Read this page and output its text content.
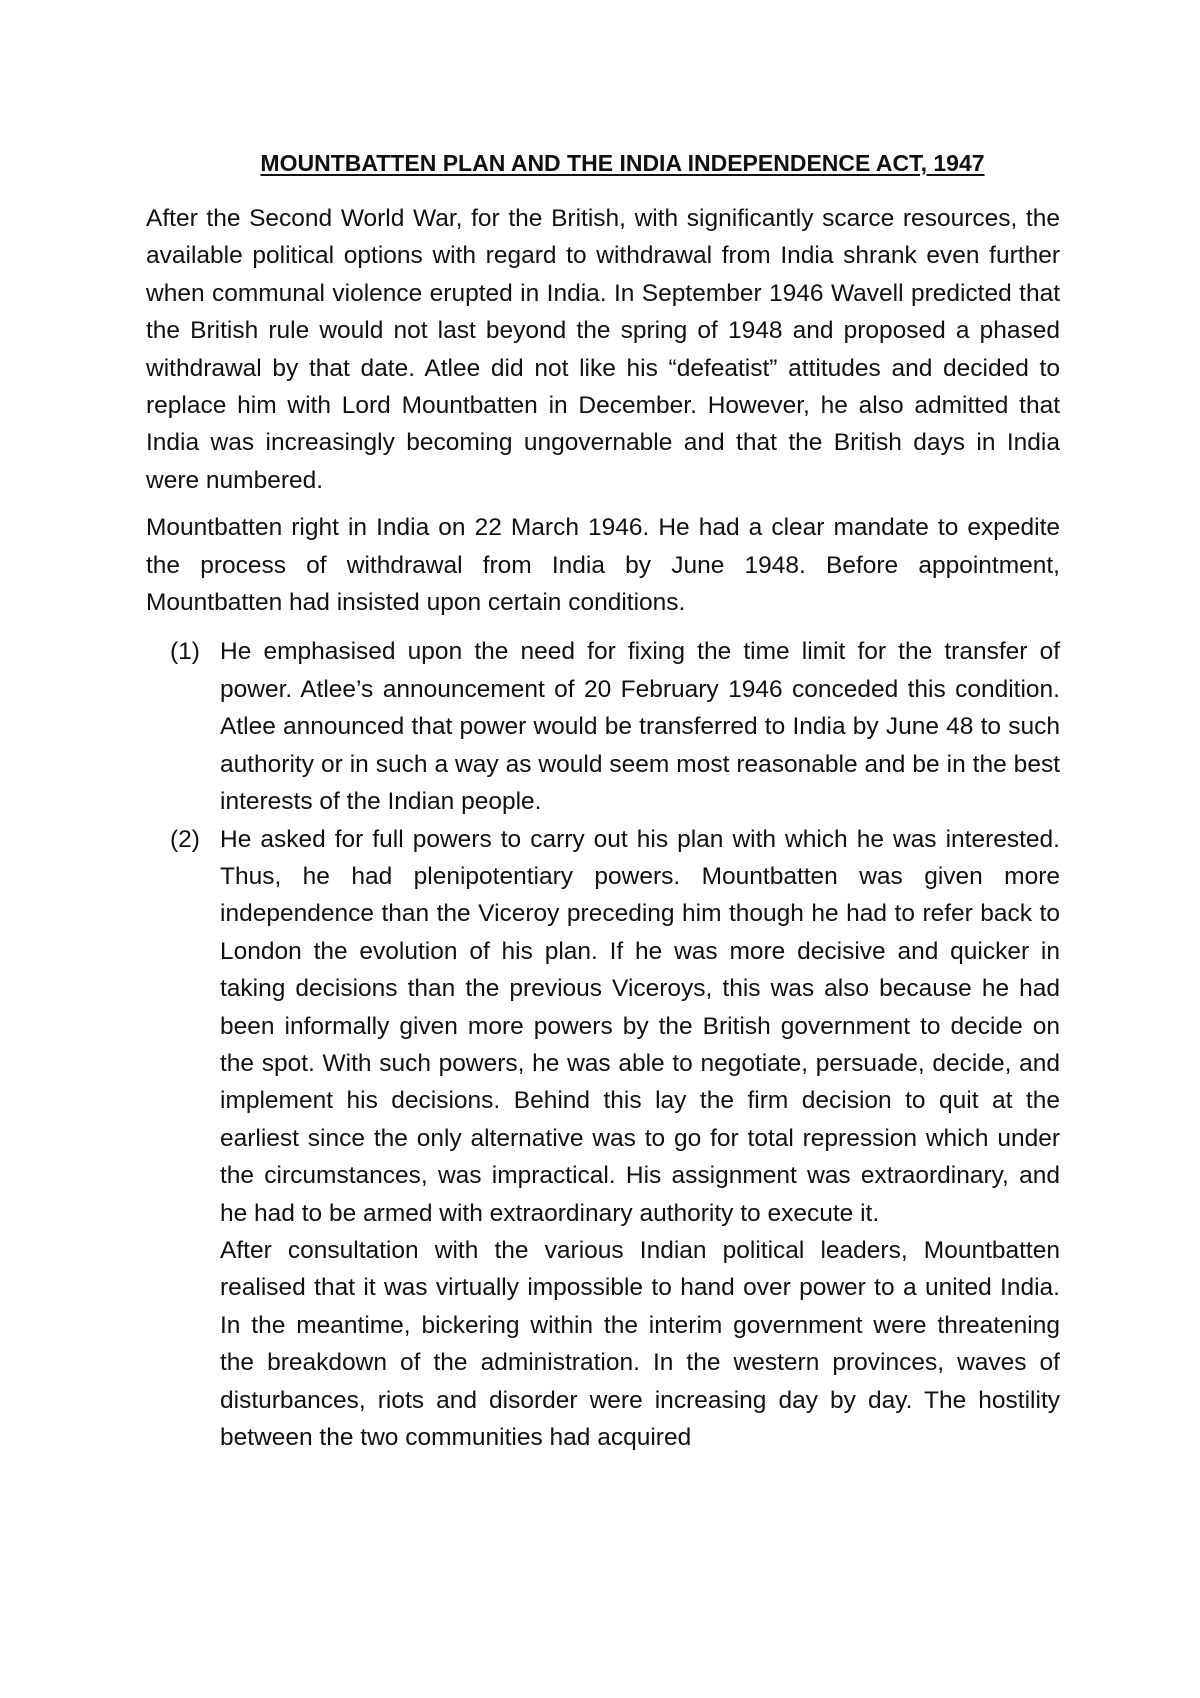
MOUNTBATTEN PLAN AND THE INDIA INDEPENDENCE ACT, 1947

After the Second World War, for the British, with significantly scarce resources, the available political options with regard to withdrawal from India shrank even further when communal violence erupted in India. In September 1946 Wavell predicted that the British rule would not last beyond the spring of 1948 and proposed a phased withdrawal by that date. Atlee did not like his “defeatist” attitudes and decided to replace him with Lord Mountbatten in December. However, he also admitted that India was increasingly becoming ungovernable and that the British days in India were numbered.

Mountbatten right in India on 22 March 1946. He had a clear mandate to expedite the process of withdrawal from India by June 1948. Before appointment, Mountbatten had insisted upon certain conditions.

(1) He emphasised upon the need for fixing the time limit for the transfer of power. Atlee’s announcement of 20 February 1946 conceded this condition. Atlee announced that power would be transferred to India by June 48 to such authority or in such a way as would seem most reasonable and be in the best interests of the Indian people.
(2) He asked for full powers to carry out his plan with which he was interested. Thus, he had plenipotentiary powers. Mountbatten was given more independence than the Viceroy preceding him though he had to refer back to London the evolution of his plan. If he was more decisive and quicker in taking decisions than the previous Viceroys, this was also because he had been informally given more powers by the British government to decide on the spot. With such powers, he was able to negotiate, persuade, decide, and implement his decisions. Behind this lay the firm decision to quit at the earliest since the only alternative was to go for total repression which under the circumstances, was impractical. His assignment was extraordinary, and he had to be armed with extraordinary authority to execute it.

After consultation with the various Indian political leaders, Mountbatten realised that it was virtually impossible to hand over power to a united India. In the meantime, bickering within the interim government were threatening the breakdown of the administration. In the western provinces, waves of disturbances, riots and disorder were increasing day by day. The hostility between the two communities had acquired
